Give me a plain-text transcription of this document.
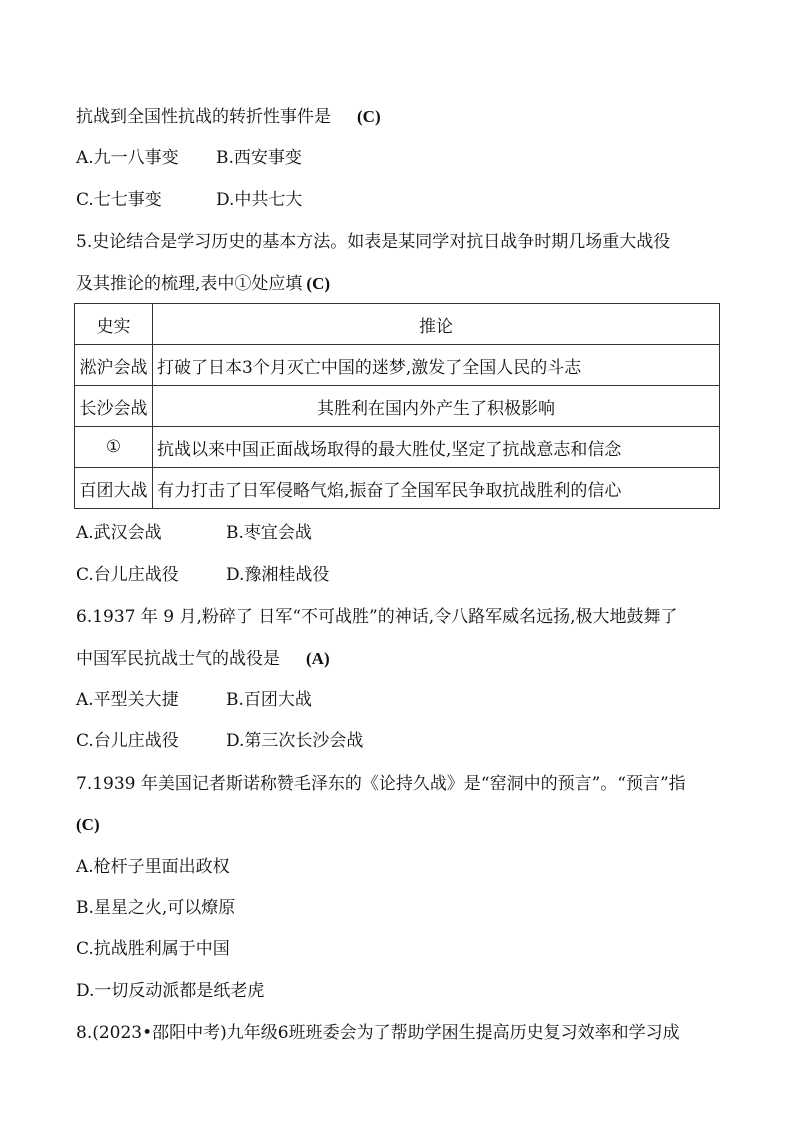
抗战到全国性抗战的转折性事件是 (C)
A.九一八事变 B.西安事变
C.七七事变	D.中共七大
5.史论结合是学习历史的基本方法。如表是某同学对抗日战争时期几场重大战役
及其推论的梳理,表中①处应填 (C)
史实	推论
淞沪会战	打破了日本3个月灭亡中国的迷梦,激发了全国人民的斗志
长沙会战	其胜利在国内外产生了积极影响
①	抗战以来中国正面战场取得的最大胜仗,坚定了抗战意志和信念
百团大战	有力打击了日军侵略气焰,振奋了全国军民争取抗战胜利的信心
A.武汉会战	B.枣宜会战
C.台儿庄战役	D.豫湘桂战役
6.1937 年 9 月,粉碎了 日军“不可战胜”的神话,令八路军威名远扬,极大地鼓舞了
中国军民抗战士气的战役是 (A)
A.平型关大捷	B.百团大战
C.台儿庄战役	D.第三次长沙会战
7.1939 年美国记者斯诺称赞毛泽东的《论持久战》是“窑洞中的预言”。“预言”指
(C)
A.枪杆子里面出政权
B.星星之火,可以燎原
C.抗战胜利属于中国
D.一切反动派都是纸老虎
8.(2023•邵阳中考)九年级6班班委会为了帮助学困生提高历史复习效率和学习成
